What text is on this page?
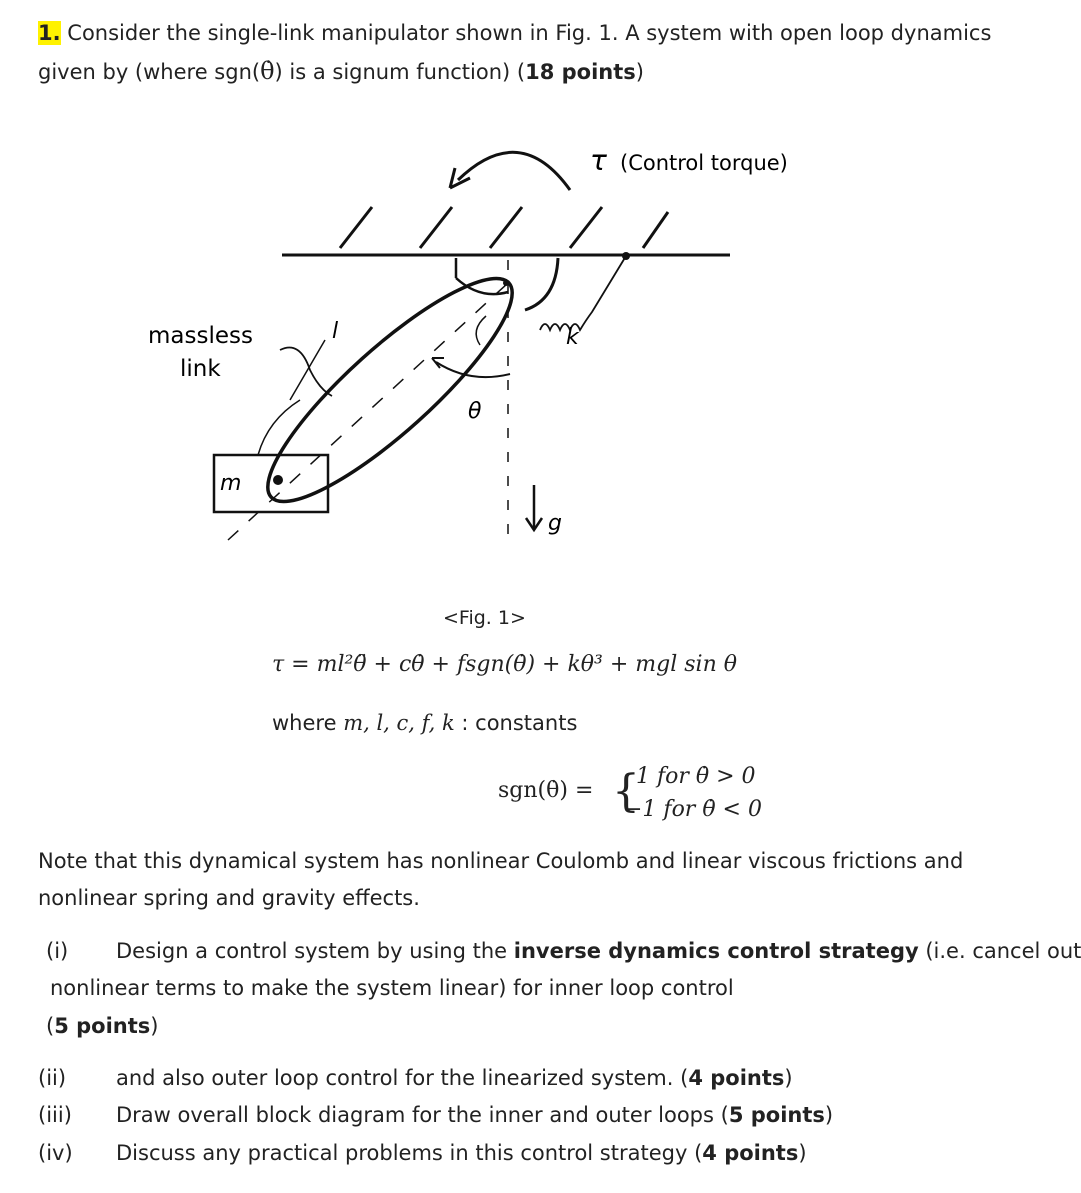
1. Consider the single-link manipulator shown in Fig. 1. A system with open loop dynamics
given by (where sgn(θ̇) is a signum function) (18 points)
τ (Control torque)
k
θ
massless
link
l
m
g
<Fig. 1>
τ = ml²θ̈ + cθ̇ + fsgn(θ̇) + kθ³ + mgl sin θ
where m, l, c, f, k : constants
sgn(θ̇) = {
1 for θ̇ > 0
−1 for θ̇ < 0
Note that this dynamical system has nonlinear Coulomb and linear viscous frictions and
nonlinear spring and gravity effects.
(i) Design a control system by using the inverse dynamics control strategy (i.e. cancel out
nonlinear terms to make the system linear) for inner loop control
(5 points)
(ii) and also outer loop control for the linearized system. (4 points)
(iii) Draw overall block diagram for the inner and outer loops (5 points)
(iv) Discuss any practical problems in this control strategy (4 points)
